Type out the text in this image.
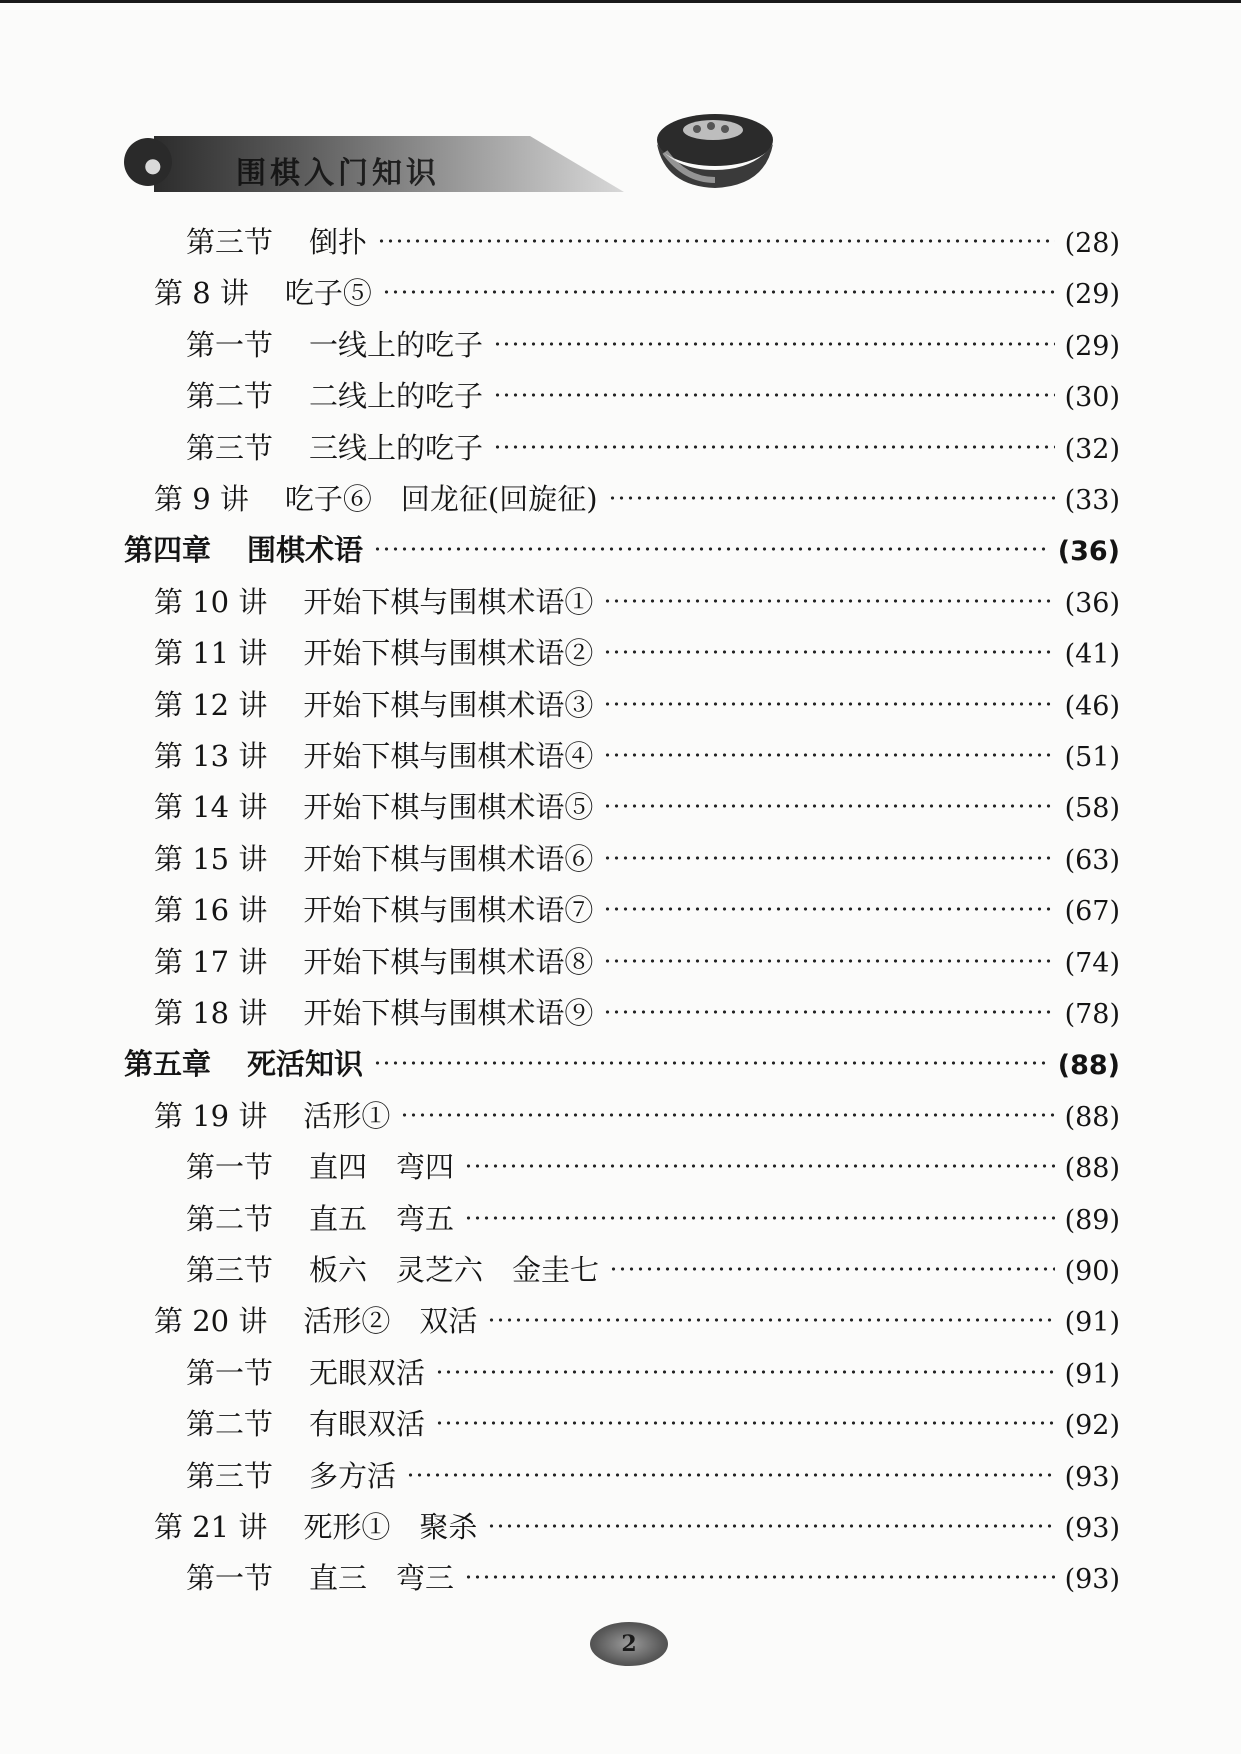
围棋入门知识
第三节 倒扑	(28)
第 8 讲 吃子⑤	(29)
第一节 一线上的吃子	(29)
第二节 二线上的吃子	(30)
第三节 三线上的吃子	(32)
第 9 讲 吃子⑥　回龙征(回旋征)	(33)
第四章 围棋术语	(36)
第 10 讲 开始下棋与围棋术语①	(36)
第 11 讲 开始下棋与围棋术语②	(41)
第 12 讲 开始下棋与围棋术语③	(46)
第 13 讲 开始下棋与围棋术语④	(51)
第 14 讲 开始下棋与围棋术语⑤	(58)
第 15 讲 开始下棋与围棋术语⑥	(63)
第 16 讲 开始下棋与围棋术语⑦	(67)
第 17 讲 开始下棋与围棋术语⑧	(74)
第 18 讲 开始下棋与围棋术语⑨	(78)
第五章 死活知识	(88)
第 19 讲 活形①	(88)
第一节 直四　弯四	(88)
第二节 直五　弯五	(89)
第三节 板六　灵芝六　金圭七	(90)
第 20 讲 活形②　双活	(91)
第一节 无眼双活	(91)
第二节 有眼双活	(92)
第三节 多方活	(93)
第 21 讲 死形①　聚杀	(93)
第一节 直三　弯三	(93)
2
